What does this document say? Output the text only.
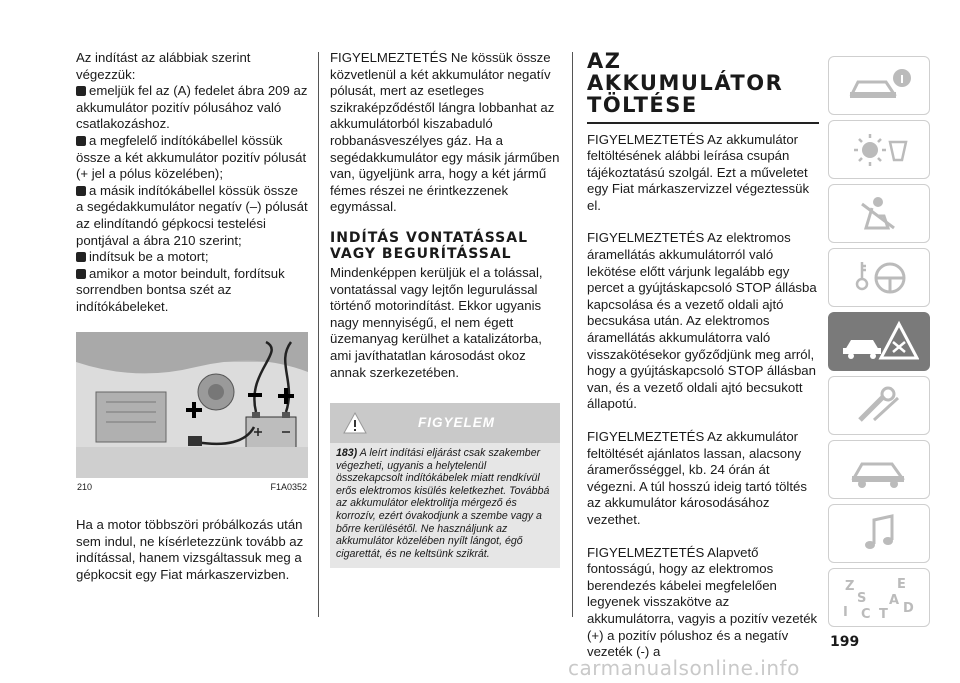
Az indítást az alábbiak szerint végezzük:

emeljük fel az (A) fedelet ábra 209 az akkumulátor pozitív pólusához való csatlakozáshoz.

a megfelelő indítókábellel kössük össze a két akkumulátor pozitív pólusát (+ jel a pólus közelében);

a másik indítókábellel kössük össze a segédakkumulátor negatív (–) pólusát az elindítandó gépkocsi testelési pontjával a ábra 210 szerint;

indítsuk be a motort;

amikor a motor beindult, fordítsuk sorrendben bontsa szét az indítókábeleket.

210	F1A0352

Ha a motor többszöri próbálkozás után sem indul, ne kísérletezzünk tovább az indítással, hanem vizsgáltassuk meg a gépkocsit egy Fiat márkaszervizben.

FIGYELMEZTETÉS Ne kössük össze közvetlenül a két akkumulátor negatív pólusát, mert az esetleges szikraképződéstől lángra lobbanhat az akkumulátorból kiszabaduló robbanásveszélyes gáz. Ha a segédakkumulátor egy másik járműben van, ügyeljünk arra, hogy a két jármű fémes részei ne érintkezzenek egymással.

INDÍTÁS VONTATÁSSAL VAGY BEGURÍTÁSSAL

Mindenképpen kerüljük el a tolással, vontatással vagy lejtőn legurulással történő motorindítást. Ekkor ugyanis nagy mennyiségű, el nem égett üzemanyag kerülhet a katalizátorba, ami javíthatatlan károsodást okoz annak szerkezetében.

FIGYELEM
183) A leírt indítási eljárást csak szakember végezheti, ugyanis a helytelenül összekapcsolt indítókábelek miatt rendkívül erős elektromos kisülés keletkezhet. Továbbá az akkumulátor elektrolitja mérgező és korrozív, ezért óvakodjunk a szembe vagy a bőrre kerülésétől. Ne használjunk az akkumulátor közelében nyílt lángot, égő cigarettát, és ne keltsünk szikrát.
AZ AKKUMULÁTOR TÖLTÉSE

FIGYELMEZTETÉS Az akkumulátor feltöltésének alábbi leírása csupán tájékoztatású szolgál. Ezt a műveletet egy Fiat márkaszervizzel végeztessük el.

FIGYELMEZTETÉS Az elektromos áramellátás akkumulátorról való lekötése előtt várjunk legalább egy percet a gyújtáskapcsoló STOP állásba kapcsolása és a vezető oldali ajtó becsukása után. Az elektromos áramellátás akkumulátorra való visszakötésekor győződjünk meg arról, hogy a gyújtáskapcsoló STOP állásban van, és a vezető oldali ajtó becsukott állapotú.

FIGYELMEZTETÉS Az akkumulátor feltöltését ajánlatos lassan, alacsony áramerősséggel, kb. 24 órán át végezni. A túl hosszú ideig tartó töltés az akkumulátor károsodásához vezethet.

FIGYELMEZTETÉS Alapvető fontosságú, hogy az elektromos berendezés kábelei megfelelően legyenek visszakötve az akkumulátorra, vagyis a pozitív vezeték (+) a pozitív pólushoz és a negatív vezeték (-) a

Z	E
S A
I C T D
199
carmanualsonline.info
